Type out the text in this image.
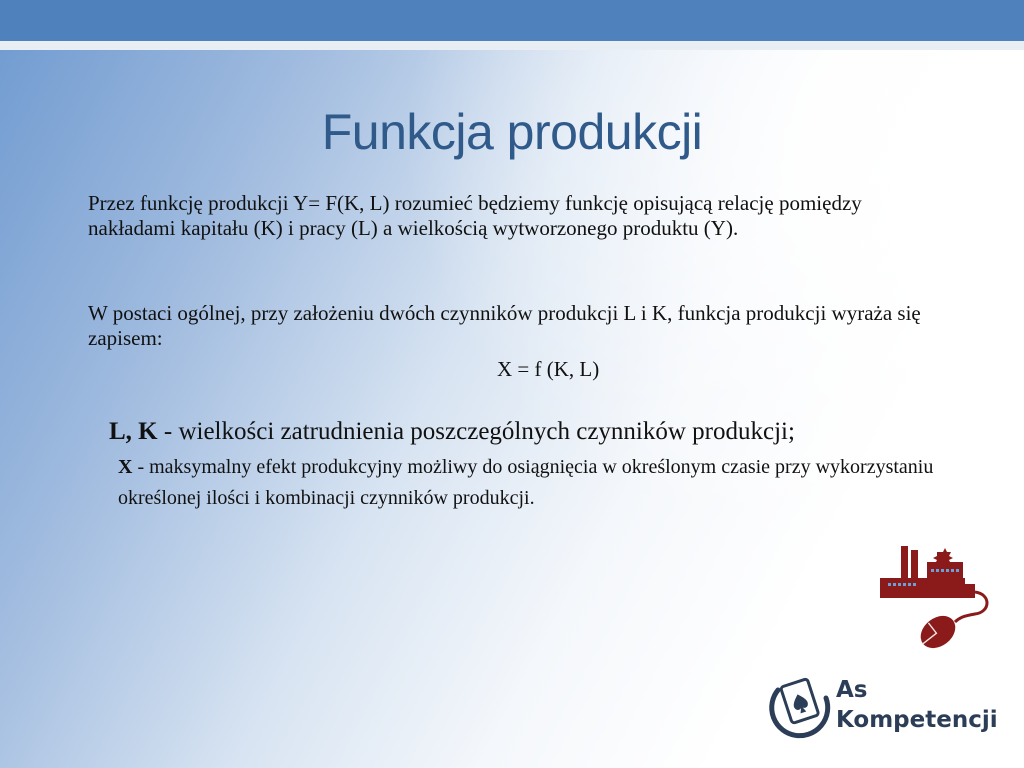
Funkcja produkcji
Przez funkcję produkcji Y= F(K, L) rozumieć będziemy funkcję opisującą relację pomiędzy nakładami kapitału (K) i pracy (L) a wielkością wytworzonego produktu (Y).
W postaci ogólnej, przy założeniu dwóch czynników produkcji L i K, funkcja produkcji wyraża się zapisem:
X = f (K, L)
L, K - wielkości zatrudnienia poszczególnych czynników produkcji;
X - maksymalny efekt produkcyjny możliwy do osiągnięcia w określonym czasie przy wykorzystaniu określonej ilości i kombinacji czynników produkcji.
As
Kompetencji
